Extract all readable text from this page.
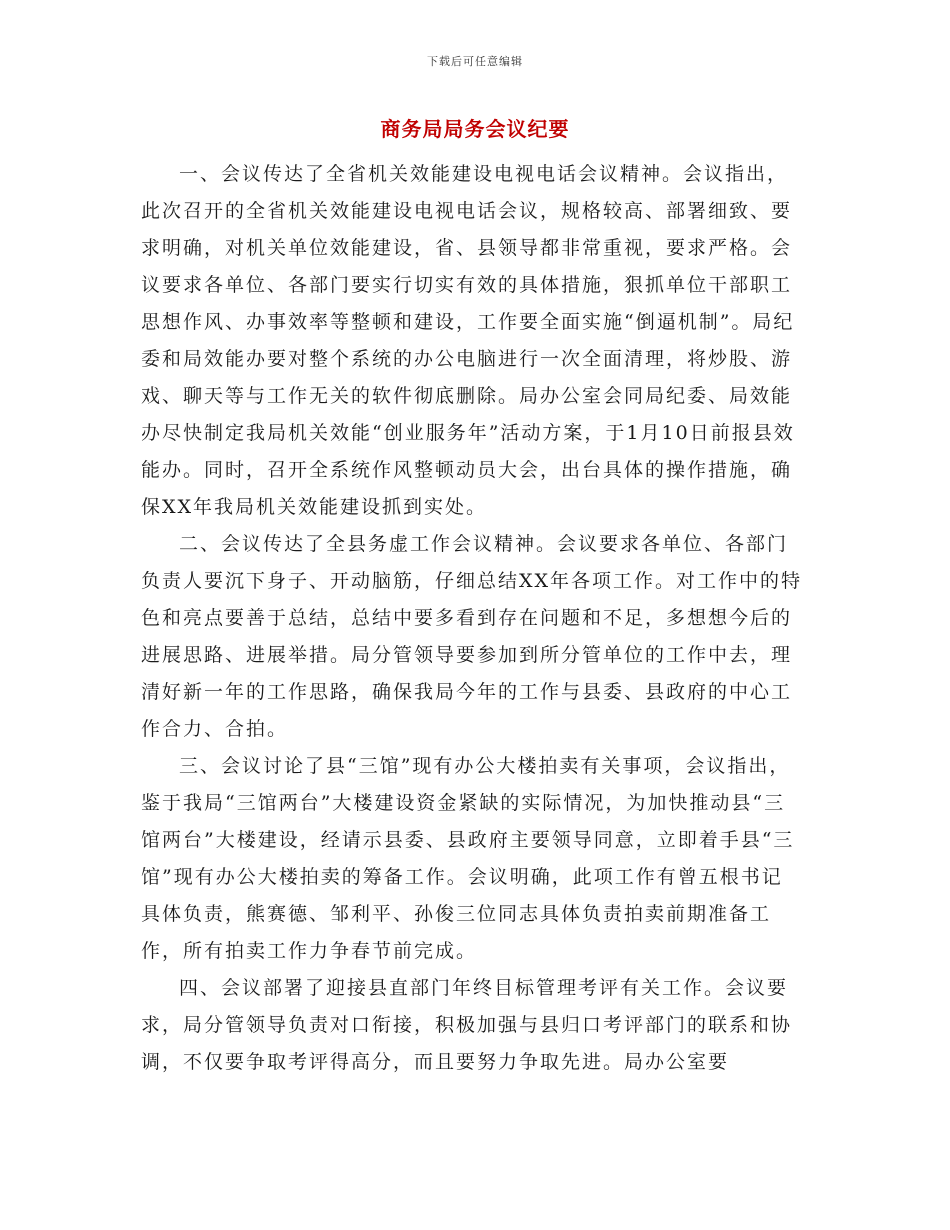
下载后可任意编辑
商务局局务会议纪要

一、会议传达了全省机关效能建设电视电话会议精神。会议指出，此次召开的全省机关效能建设电视电话会议，规格较高、部署细致、要求明确，对机关单位效能建设，省、县领导都非常重视，要求严格。会议要求各单位、各部门要实行切实有效的具体措施，狠抓单位干部职工思想作风、办事效率等整顿和建设，工作要全面实施“倒逼机制”。局纪委和局效能办要对整个系统的办公电脑进行一次全面清理，将炒股、游戏、聊天等与工作无关的软件彻底删除。局办公室会同局纪委、局效能办尽快制定我局机关效能“创业服务年”活动方案，于1月10日前报县效能办。同时，召开全系统作风整顿动员大会，出台具体的操作措施，确保XX年我局机关效能建设抓到实处。

二、会议传达了全县务虚工作会议精神。会议要求各单位、各部门负责人要沉下身子、开动脑筋，仔细总结XX年各项工作。对工作中的特色和亮点要善于总结，总结中要多看到存在问题和不足，多想想今后的进展思路、进展举措。局分管领导要参加到所分管单位的工作中去，理清好新一年的工作思路，确保我局今年的工作与县委、县政府的中心工作合力、合拍。

三、会议讨论了县“三馆”现有办公大楼拍卖有关事项，会议指出，鉴于我局“三馆两台”大楼建设资金紧缺的实际情况，为加快推动县“三馆两台”大楼建设，经请示县委、县政府主要领导同意，立即着手县“三馆”现有办公大楼拍卖的筹备工作。会议明确，此项工作有曾五根书记具体负责，熊赛德、邹利平、孙俊三位同志具体负责拍卖前期准备工作，所有拍卖工作力争春节前完成。

四、会议部署了迎接县直部门年终目标管理考评有关工作。会议要求，局分管领导负责对口衔接，积极加强与县归口考评部门的联系和协调，不仅要争取考评得高分，而且要努力争取先进。局办公室要
